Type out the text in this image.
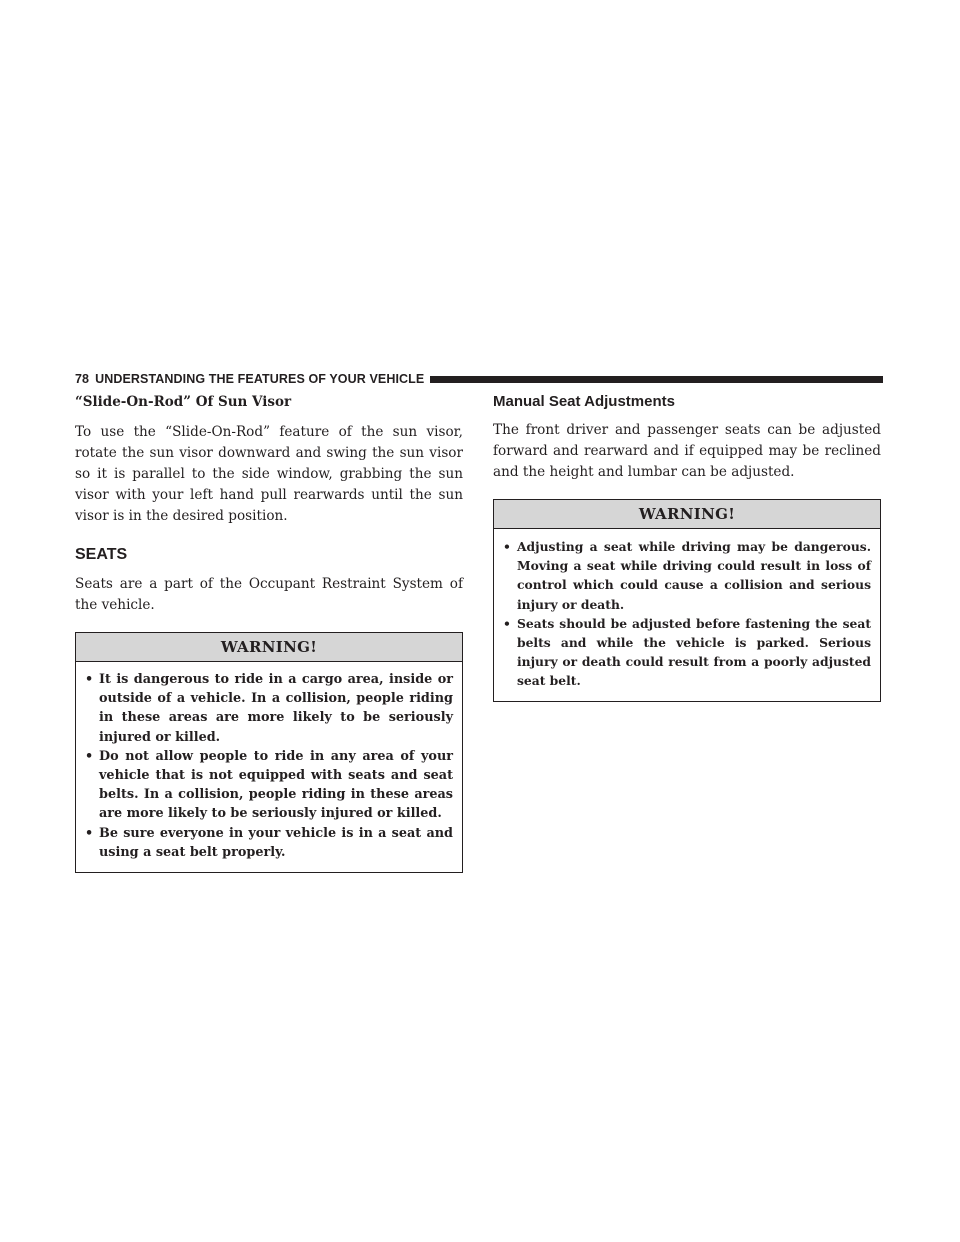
78 UNDERSTANDING THE FEATURES OF YOUR VEHICLE
“Slide-On-Rod” Of Sun Visor

To use the “Slide-On-Rod” feature of the sun visor, rotate the sun visor downward and swing the sun visor so it is parallel to the side window, grabbing the sun visor with your left hand pull rearwards until the sun visor is in the desired position.

SEATS

Seats are a part of the Occupant Restraint System of the vehicle.

WARNING!
• It is dangerous to ride in a cargo area, inside or outside of a vehicle. In a collision, people riding in these areas are more likely to be seriously injured or killed.
• Do not allow people to ride in any area of your vehicle that is not equipped with seats and seat belts. In a collision, people riding in these areas are more likely to be seriously injured or killed.
• Be sure everyone in your vehicle is in a seat and using a seat belt properly.
Manual Seat Adjustments

The front driver and passenger seats can be adjusted forward and rearward and if equipped may be reclined and the height and lumbar can be adjusted.

WARNING!
• Adjusting a seat while driving may be dangerous. Moving a seat while driving could result in loss of control which could cause a collision and serious injury or death.
• Seats should be adjusted before fastening the seat belts and while the vehicle is parked. Serious injury or death could result from a poorly adjusted seat belt.
